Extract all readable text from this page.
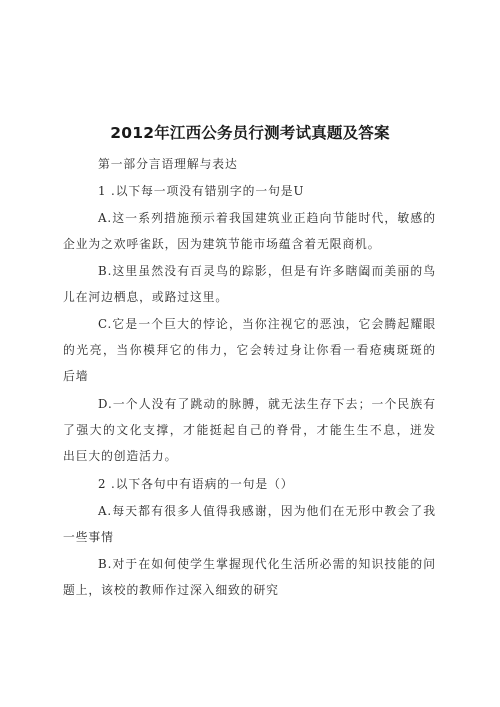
2012年江西公务员行测考试真题及答案
第一部分言语理解与表达
1 .以下每一项没有错别字的一句是U
A.这一系列措施预示着我国建筑业正趋向节能时代，敏感的
企业为之欢呼雀跃，因为建筑节能市场蕴含着无限商机。
B.这里虽然没有百灵鸟的踪影，但是有许多瞎阖而美丽的鸟
儿在河边栖息，或路过这里。
C.它是一个巨大的悖论，当你注视它的恶浊，它会腾起耀眼
的光亮，当你模拜它的伟力，它会转过身让你看一看疮痍斑斑的
后墙
D.一个人没有了跳动的脉膊，就无法生存下去；一个民族有
了强大的文化支撑，才能挺起自己的脊骨，才能生生不息，迸发
出巨大的创造活力。
2 .以下各句中有语病的一句是（）
A.每天都有很多人值得我感谢，因为他们在无形中教会了我
一些事情
B.对于在如何使学生掌握现代化生活所必需的知识技能的问
题上，该校的教师作过深入细致的研究
